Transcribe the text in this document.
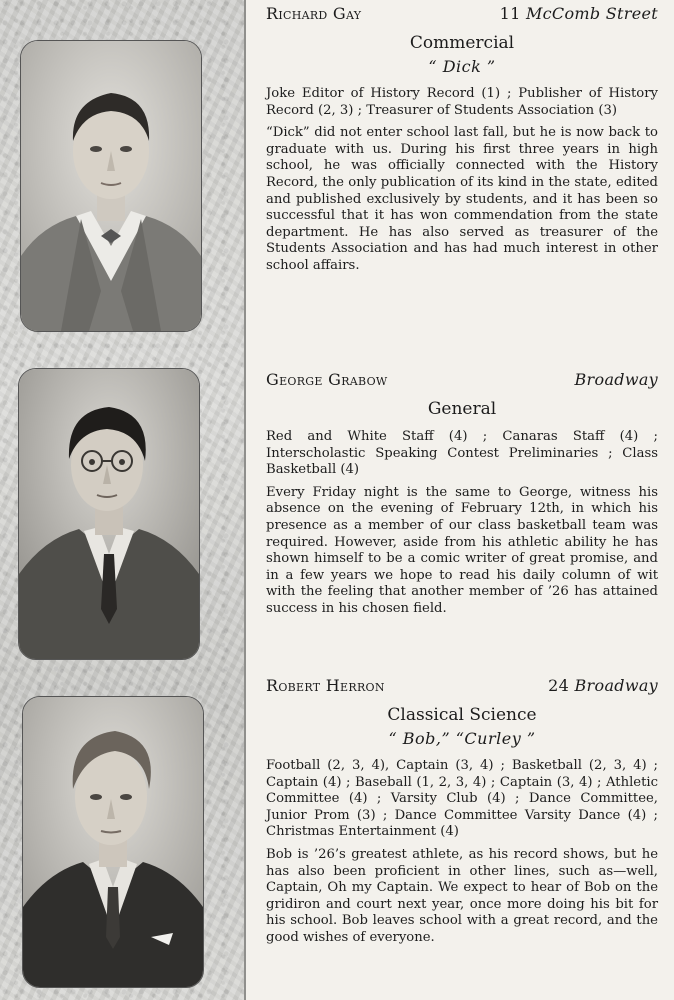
Richard Gay	11 McComb Street
Commercial
“ Dick ”

Joke Editor of History Record (1) ; Publisher of History Record (2, 3) ; Treasurer of Students Association (3)

“Dick” did not enter school last fall, but he is now back to graduate with us. During his first three years in high school, he was officially connected with the History Record, the only publication of its kind in the state, edited and published exclusively by students, and it has been so successful that it has won commendation from the state department. He has also served as treasurer of the Students Association and has had much interest in other school affairs.

George Grabow	Broadway
General

Red and White Staff (4) ; Canaras Staff (4) ; Interscholastic Speaking Contest Preliminaries ; Class Basketball (4)

Every Friday night is the same to George, witness his absence on the evening of February 12th, in which his presence as a member of our class basketball team was required. However, aside from his athletic ability he has shown himself to be a comic writer of great promise, and in a few years we hope to read his daily column of wit with the feeling that another member of ’26 has attained success in his chosen field.

Robert Herron	24 Broadway
Classical Science
“ Bob,” “Curley ”

Football (2, 3, 4), Captain (3, 4) ; Basketball (2, 3, 4) ; Captain (4) ; Baseball (1, 2, 3, 4) ; Captain (3, 4) ; Athletic Committee (4) ; Varsity Club (4) ; Dance Committee, Junior Prom (3) ; Dance Committee Varsity Dance (4) ; Christmas Entertainment (4)

Bob is ’26’s greatest athlete, as his record shows, but he has also been proficient in other lines, such as—well, Captain, Oh my Captain. We expect to hear of Bob on the gridiron and court next year, once more doing his bit for his school. Bob leaves school with a great record, and the good wishes of everyone.
